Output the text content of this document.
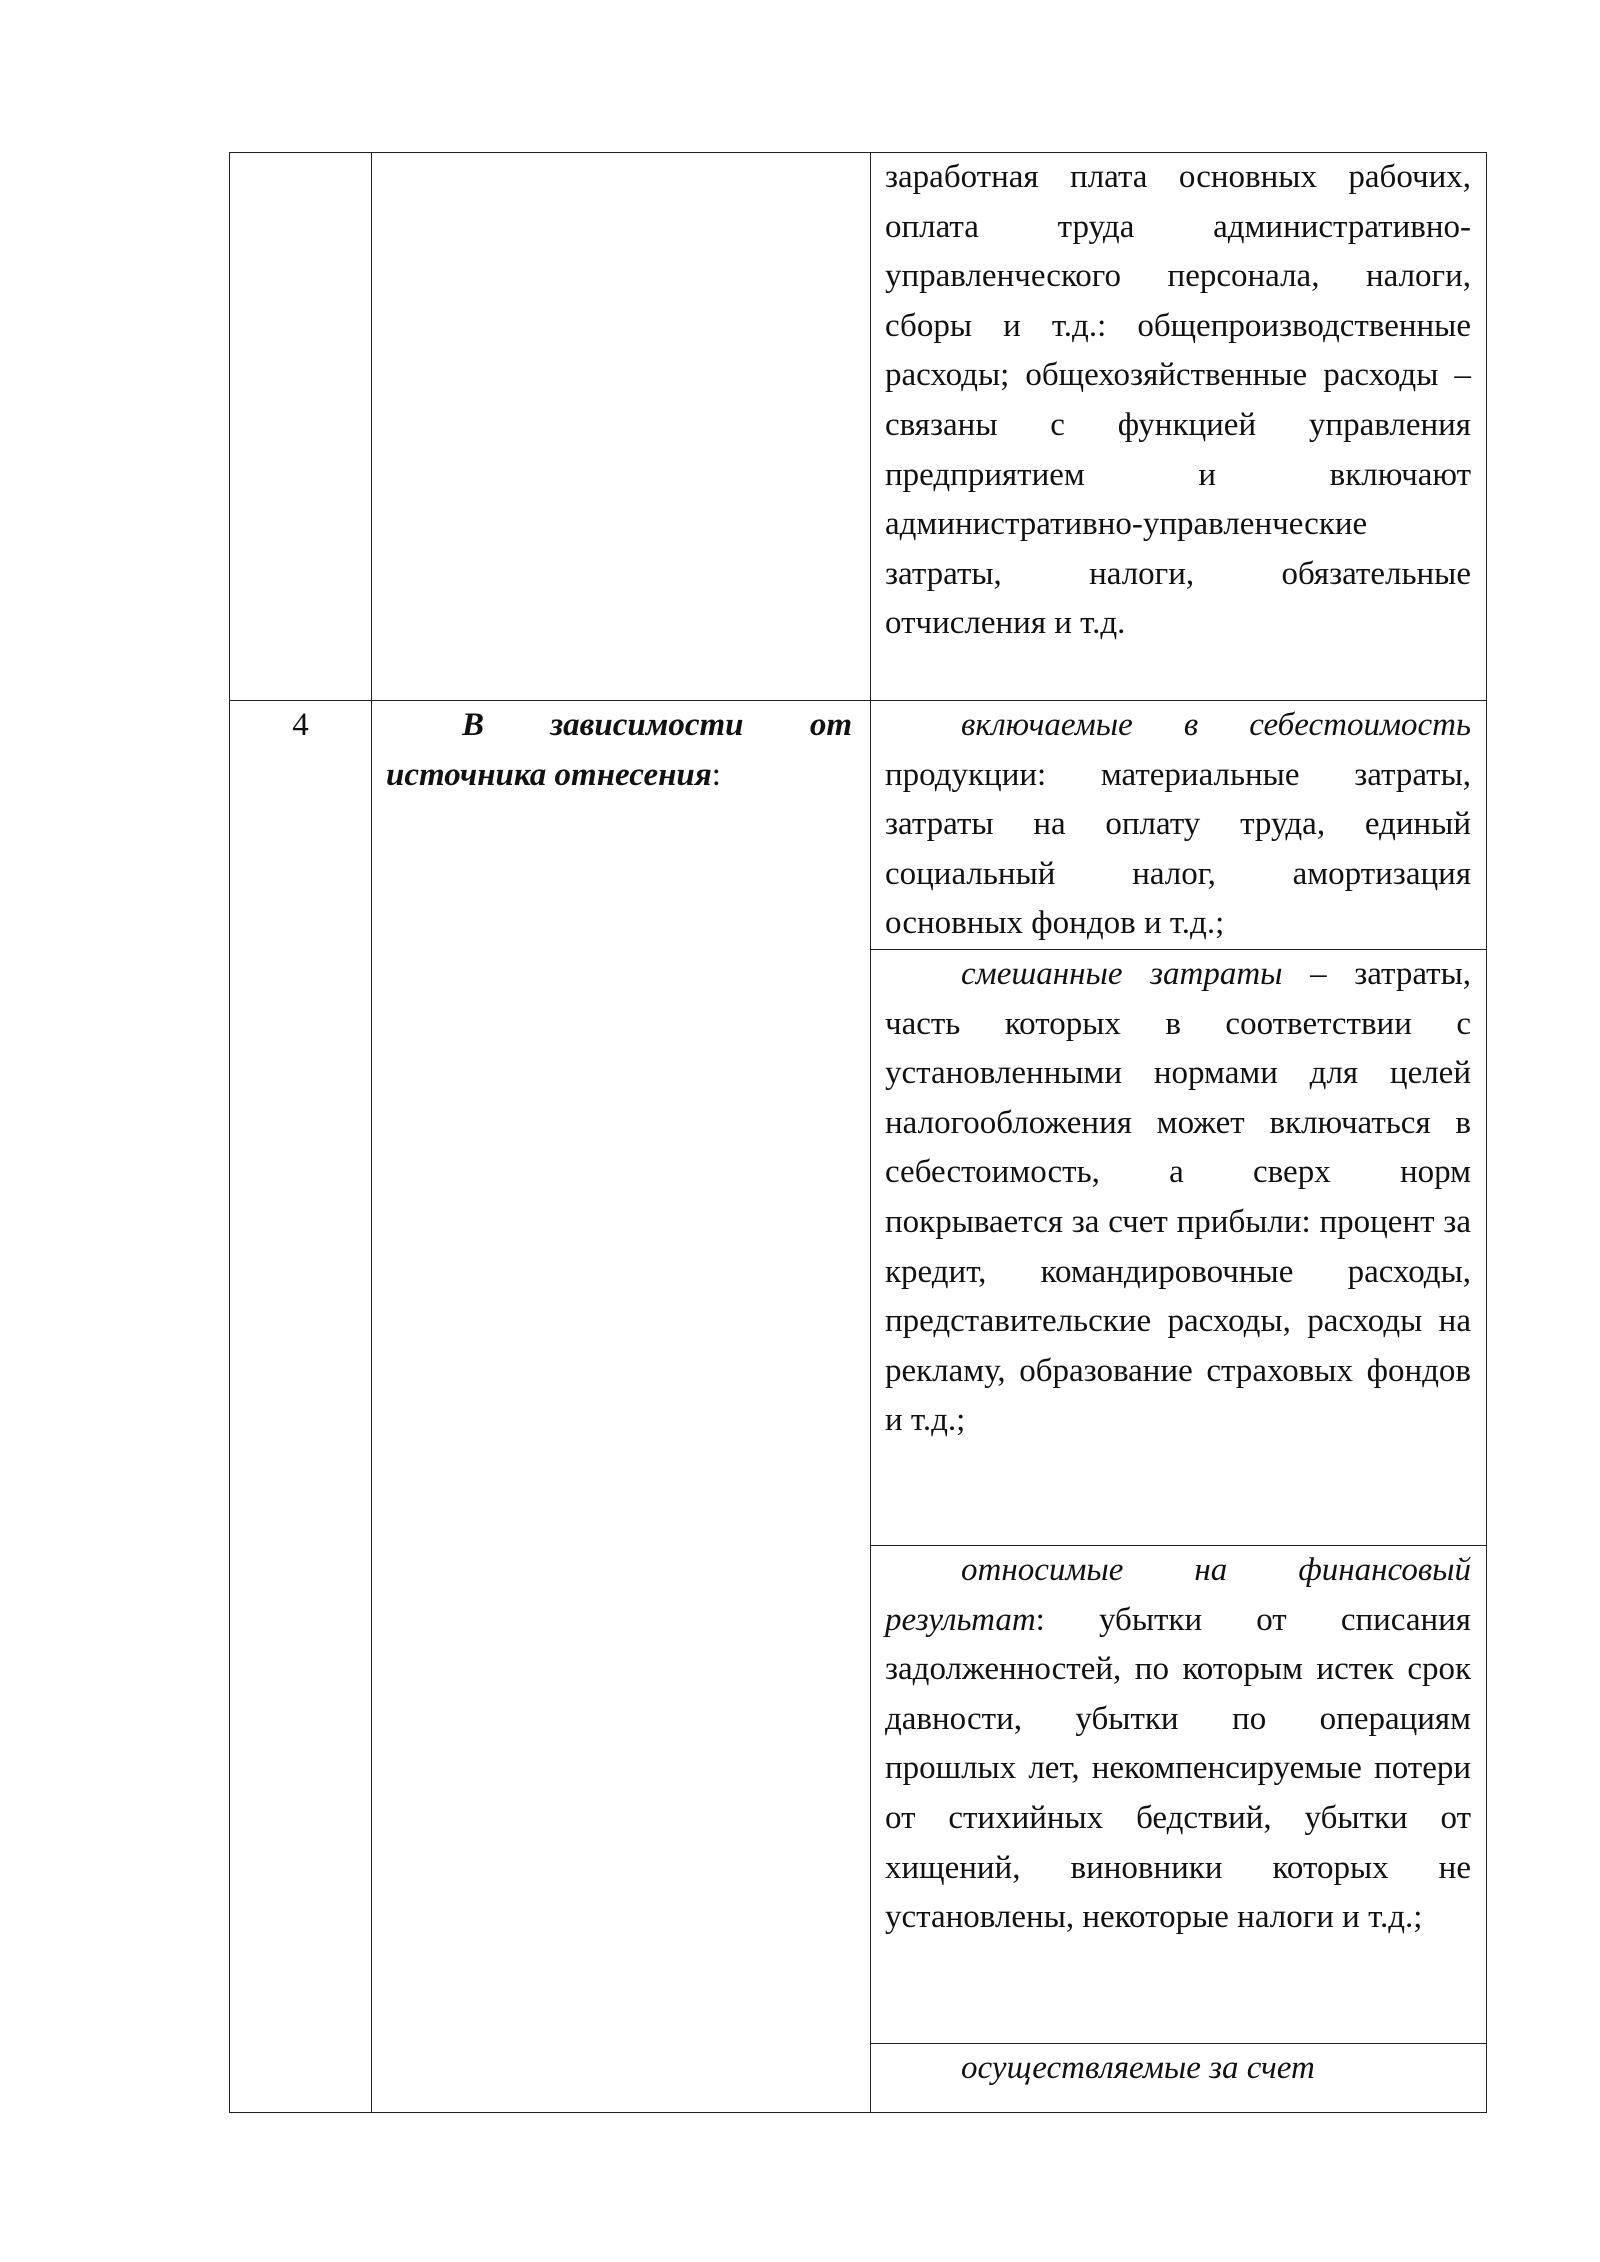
		заработная плата основных рабочих, оплата труда административно-управленческого персонала, налоги, сборы и т.д.: общепроизводственные расходы; общехозяйственные расходы – связаны с функцией управления предприятием и включают административно-управленческие затраты, налоги, обязательные отчисления и т.д.

4	В зависимости от источника отнесения:	включаемые в себестоимость продукции: материальные затраты, затраты на оплату труда, единый социальный налог, амортизация основных фондов и т.д.;

		смешанные затраты – затраты, часть которых в соответствии с установленными нормами для целей налогообложения может включаться в себестоимость, а сверх норм покрывается за счет прибыли: процент за кредит, командировочные расходы, представительские расходы, расходы на рекламу, образование страховых фондов и т.д.;

		относимые на финансовый результат: убытки от списания задолженностей, по которым истек срок давности, убытки по операциям прошлых лет, некомпенсируемые потери от стихийных бедствий, убытки от хищений, виновники которых не установлены, некоторые налоги и т.д.;

		осуществляемые за счет
